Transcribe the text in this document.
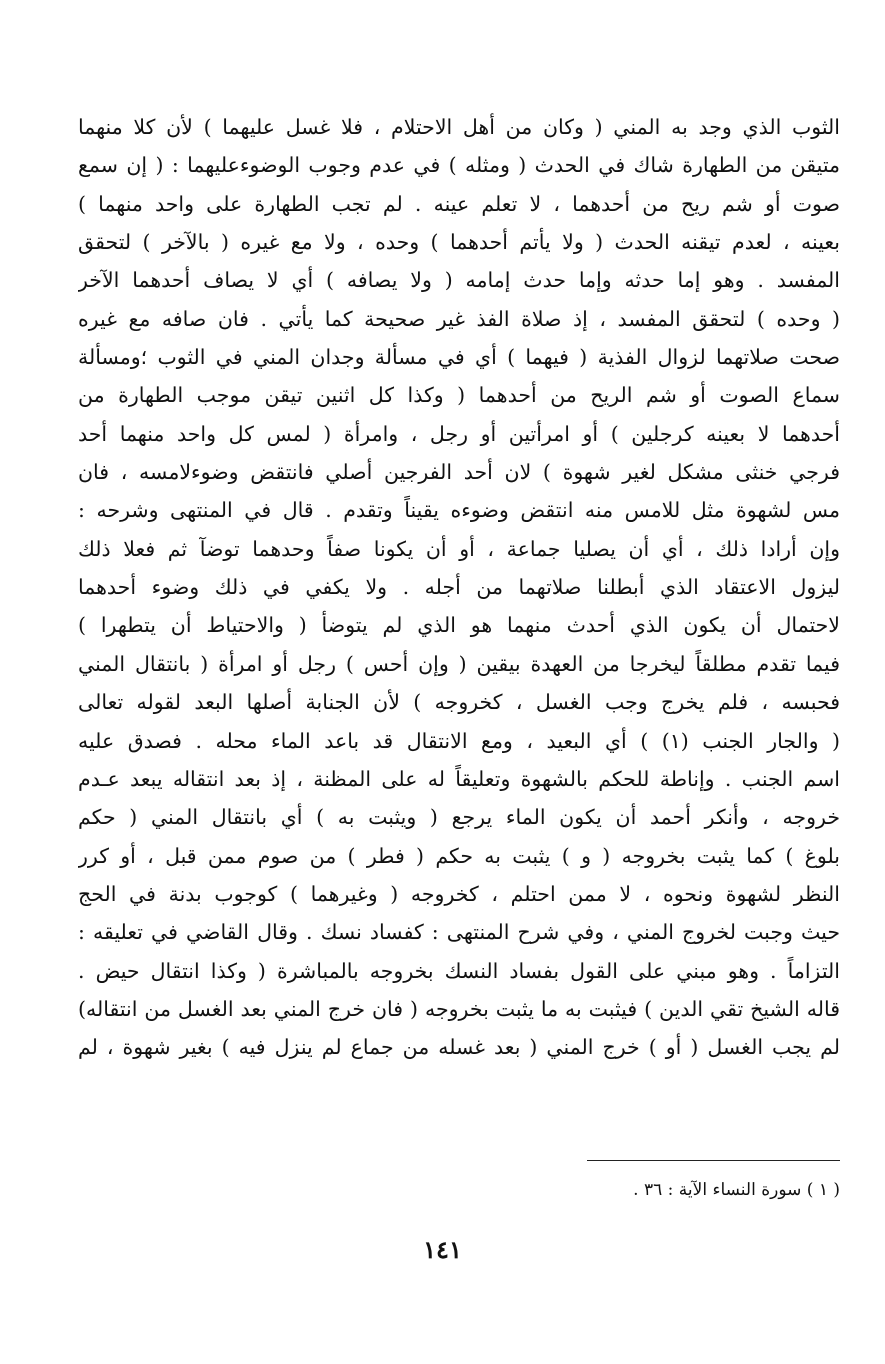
الثوب الذي وجد به المني ( وكان من أهل الاحتلام ، فلا غسل عليهما ) لأن كلا منهما
متيقن من الطهارة شاك في الحدث ( ومثله ) في عدم وجوب الوضوءعليهما : ( إن سمع
صوت أو شم ريح من أحدهما ، لا تعلم عينه . لم تجب الطهارة على واحد منهما )
بعينه ، لعدم تيقنه الحدث ( ولا يأتم أحدهما ) وحده ، ولا مع غيره ( بالآخر ) لتحقق
المفسد . وهو إما حدثه وإما حدث إمامه ( ولا يصافه ) أي لا يصاف أحدهما الآخر
( وحده ) لتحقق المفسد ، إذ صلاة الفذ غير صحيحة كما يأتي . فان صافه مع غيره
صحت صلاتهما لزوال الفذية ( فيهما ) أي في مسألة وجدان المني في الثوب ؛ومسألة
سماع الصوت أو شم الريح من أحدهما ( وكذا كل اثنين تيقن موجب الطهارة من
أحدهما لا بعينه كرجلين ) أو امرأتين أو رجل ، وامرأة ( لمس كل واحد منهما أحد
فرجي خنثى مشكل لغير شهوة ) لان أحد الفرجين أصلي فانتقض وضوءلامسه ، فان
مس لشهوة مثل للامس منه انتقض وضوءه يقيناً وتقدم . قال في المنتهى وشرحه :
وإن أرادا ذلك ، أي أن يصليا جماعة ، أو أن يكونا صفاً وحدهما توضآ ثم فعلا ذلك
ليزول الاعتقاد الذي أبطلنا صلاتهما من أجله . ولا يكفي في ذلك وضوء أحدهما
لاحتمال أن يكون الذي أحدث منهما هو الذي لم يتوضأ ( والاحتياط أن يتطهرا )
فيما تقدم مطلقاً ليخرجا من العهدة بيقين ( وإن أحس ) رجل أو امرأة ( بانتقال المني
فحبسه ، فلم يخرج وجب الغسل ، كخروجه ) لأن الجنابة أصلها البعد لقوله تعالى
( والجار الجنب (١) ) أي البعيد ، ومع الانتقال قد باعد الماء محله . فصدق عليه
اسم الجنب . وإناطة للحكم بالشهوة وتعليقاً له على المظنة ، إذ بعد انتقاله يبعد عـدم
خروجه ، وأنكر أحمد أن يكون الماء يرجع ( ويثبت به ) أي بانتقال المني ( حكم
بلوغ ) كما يثبت بخروجه ( و ) يثبت به حكم ( فطر ) من صوم ممن قبل ، أو كرر
النظر لشهوة ونحوه ، لا ممن احتلم ، كخروجه ( وغيرهما ) كوجوب بدنة في الحج
حيث وجبت لخروج المني ، وفي شرح المنتهى : كفساد نسك . وقال القاضي في تعليقه :
التزاماً . وهو مبني على القول بفساد النسك بخروجه بالمباشرة ( وكذا انتقال حيض .
قاله الشيخ تقي الدين ) فيثبت به ما يثبت بخروجه ( فان خرج المني بعد الغسل من انتقاله)
لم يجب الغسل ( أو ) خرج المني ( بعد غسله من جماع لم ينزل فيه ) بغير شهوة ، لم
( ١ ) سورة النساء الآية : ٣٦ .
١٤١
